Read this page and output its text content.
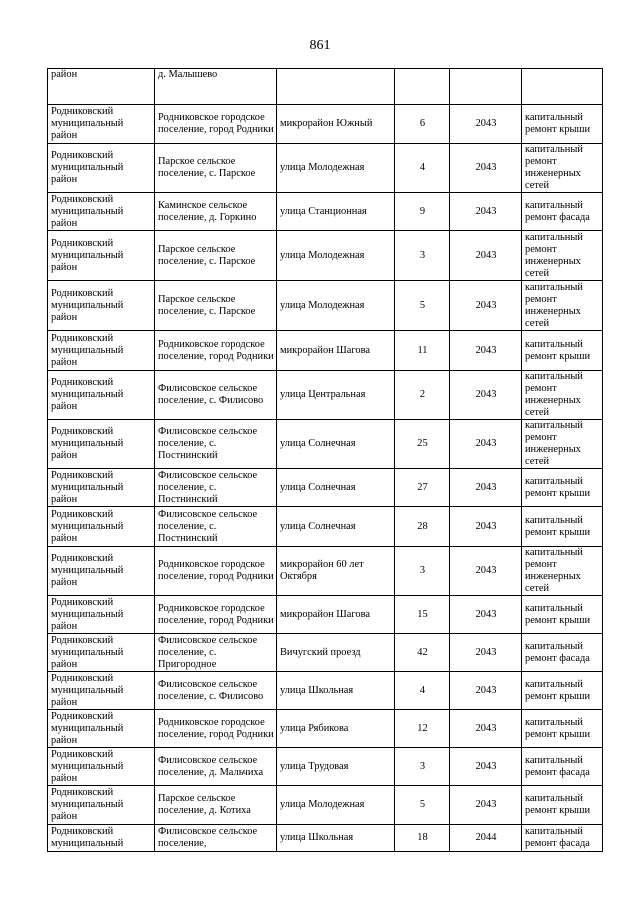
861
район	д. Малышево				
Родниковский муниципальный район	Родниковское городское поселение, город Родники	микрорайон Южный	6	2043	капитальный ремонт крыши
Родниковский муниципальный район	Парское сельское поселение, с. Парское	улица Молодежная	4	2043	капитальный ремонт инженерных сетей
Родниковский муниципальный район	Каминское сельское поселение, д. Горкино	улица Станционная	9	2043	капитальный ремонт фасада
Родниковский муниципальный район	Парское сельское поселение, с. Парское	улица Молодежная	3	2043	капитальный ремонт инженерных сетей
Родниковский муниципальный район	Парское сельское поселение, с. Парское	улица Молодежная	5	2043	капитальный ремонт инженерных сетей
Родниковский муниципальный район	Родниковское городское поселение, город Родники	микрорайон Шагова	11	2043	капитальный ремонт крыши
Родниковский муниципальный район	Филисовское сельское поселение, с. Филисово	улица Центральная	2	2043	капитальный ремонт инженерных сетей
Родниковский муниципальный район	Филисовское сельское поселение, с. Постнинский	улица Солнечная	25	2043	капитальный ремонт инженерных сетей
Родниковский муниципальный район	Филисовское сельское поселение, с. Постнинский	улица Солнечная	27	2043	капитальный ремонт крыши
Родниковский муниципальный район	Филисовское сельское поселение, с. Постнинский	улица Солнечная	28	2043	капитальный ремонт крыши
Родниковский муниципальный район	Родниковское городское поселение, город Родники	микрорайон 60 лет Октября	3	2043	капитальный ремонт инженерных сетей
Родниковский муниципальный район	Родниковское городское поселение, город Родники	микрорайон Шагова	15	2043	капитальный ремонт крыши
Родниковский муниципальный район	Филисовское сельское поселение, с. Пригородное	Вичугский проезд	42	2043	капитальный ремонт фасада
Родниковский муниципальный район	Филисовское сельское поселение, с. Филисово	улица Школьная	4	2043	капитальный ремонт крыши
Родниковский муниципальный район	Родниковское городское поселение, город Родники	улица Рябикова	12	2043	капитальный ремонт крыши
Родниковский муниципальный район	Филисовское сельское поселение, д. Мальчиха	улица Трудовая	3	2043	капитальный ремонт фасада
Родниковский муниципальный район	Парское сельское поселение, д. Котиха	улица Молодежная	5	2043	капитальный ремонт крыши
Родниковский муниципальный	Филисовское сельское поселение,	улица Школьная	18	2044	капитальный ремонт фасада
